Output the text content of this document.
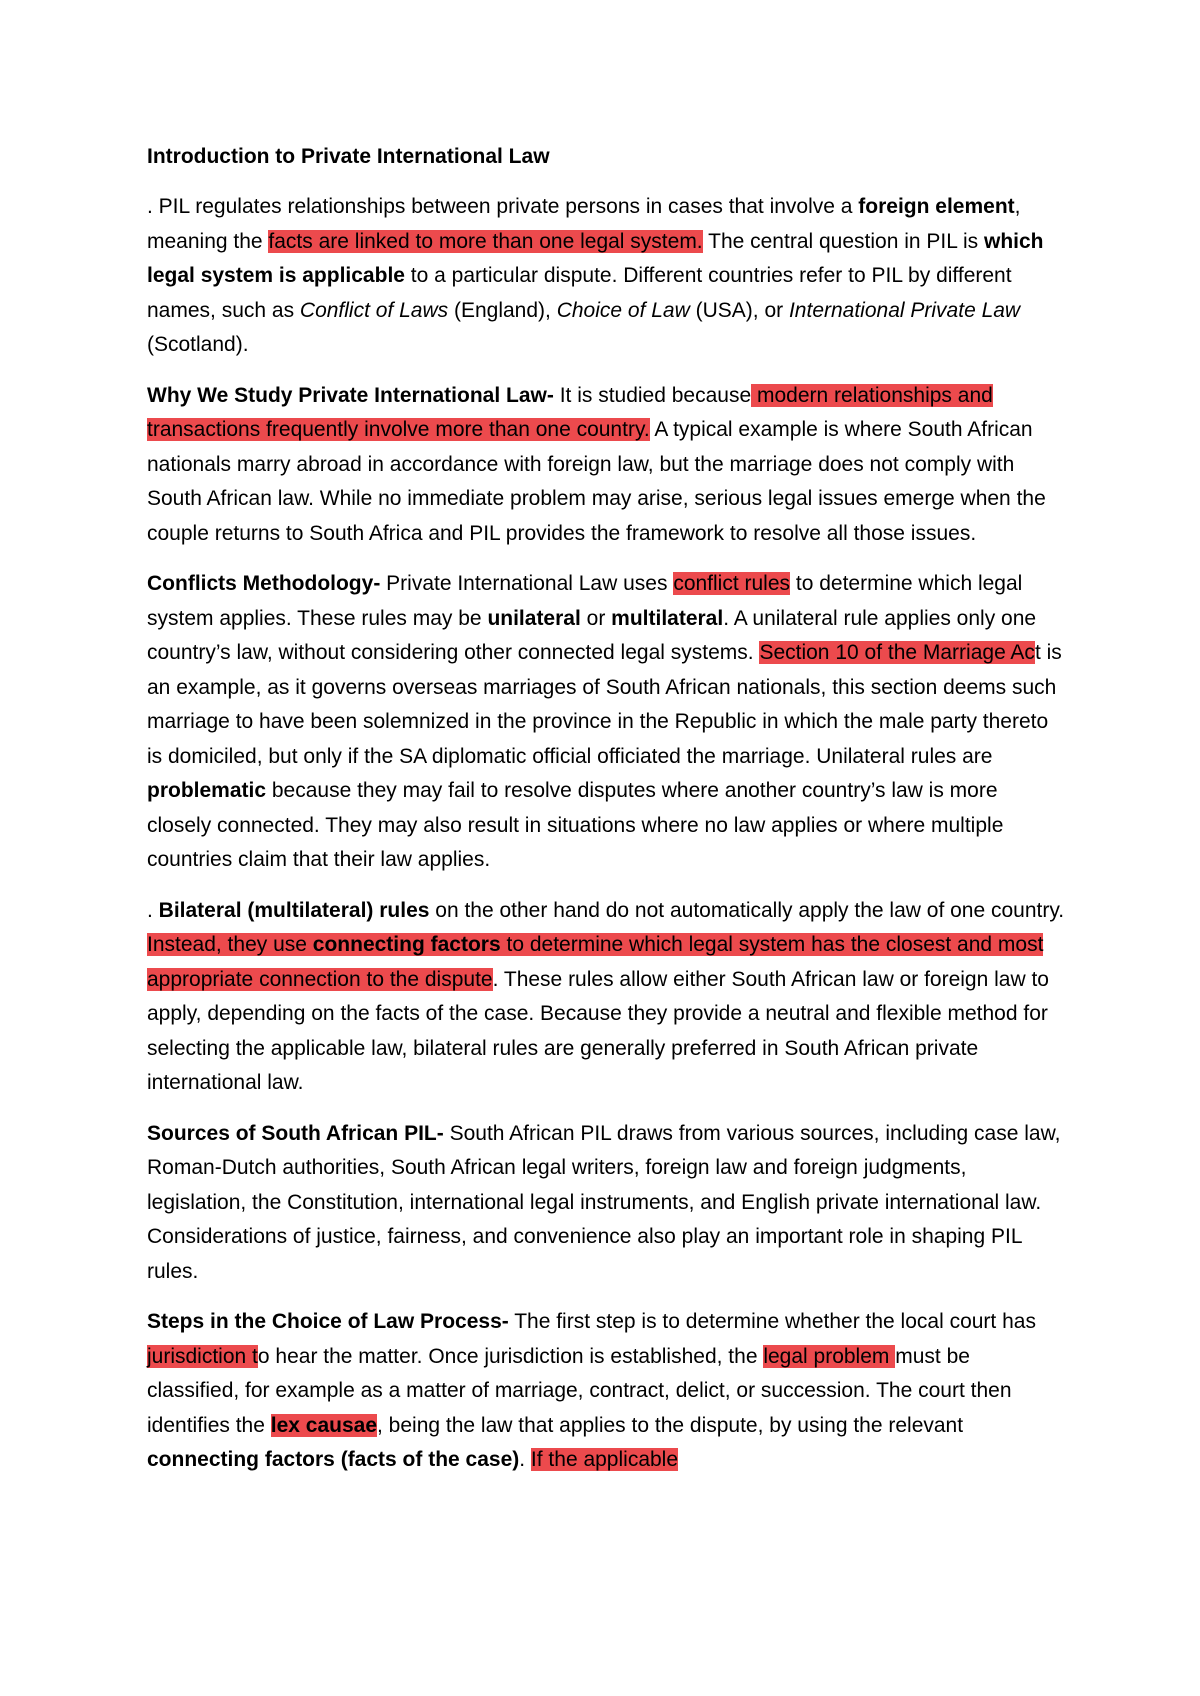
Introduction to Private International Law

. PIL regulates relationships between private persons in cases that involve a foreign element, meaning the facts are linked to more than one legal system. The central question in PIL is which legal system is applicable to a particular dispute. Different countries refer to PIL by different names, such as Conflict of Laws (England), Choice of Law (USA), or International Private Law (Scotland).

Why We Study Private International Law- It is studied because modern relationships and transactions frequently involve more than one country. A typical example is where South African nationals marry abroad in accordance with foreign law, but the marriage does not comply with South African law. While no immediate problem may arise, serious legal issues emerge when the couple returns to South Africa and PIL provides the framework to resolve all those issues.

Conflicts Methodology- Private International Law uses conflict rules to determine which legal system applies. These rules may be unilateral or multilateral. A unilateral rule applies only one country’s law, without considering other connected legal systems. Section 10 of the Marriage Act is an example, as it governs overseas marriages of South African nationals, this section deems such marriage to have been solemnized in the province in the Republic in which the male party thereto is domiciled, but only if the SA diplomatic official officiated the marriage. Unilateral rules are problematic because they may fail to resolve disputes where another country’s law is more closely connected. They may also result in situations where no law applies or where multiple countries claim that their law applies.

. Bilateral (multilateral) rules on the other hand do not automatically apply the law of one country. Instead, they use connecting factors to determine which legal system has the closest and most appropriate connection to the dispute. These rules allow either South African law or foreign law to apply, depending on the facts of the case. Because they provide a neutral and flexible method for selecting the applicable law, bilateral rules are generally preferred in South African private international law.

Sources of South African PIL- South African PIL draws from various sources, including case law, Roman-Dutch authorities, South African legal writers, foreign law and foreign judgments, legislation, the Constitution, international legal instruments, and English private international law. Considerations of justice, fairness, and convenience also play an important role in shaping PIL rules.

Steps in the Choice of Law Process- The first step is to determine whether the local court has jurisdiction to hear the matter. Once jurisdiction is established, the legal problem must be classified, for example as a matter of marriage, contract, delict, or succession. The court then identifies the lex causae, being the law that applies to the dispute, by using the relevant connecting factors (facts of the case). If the applicable
